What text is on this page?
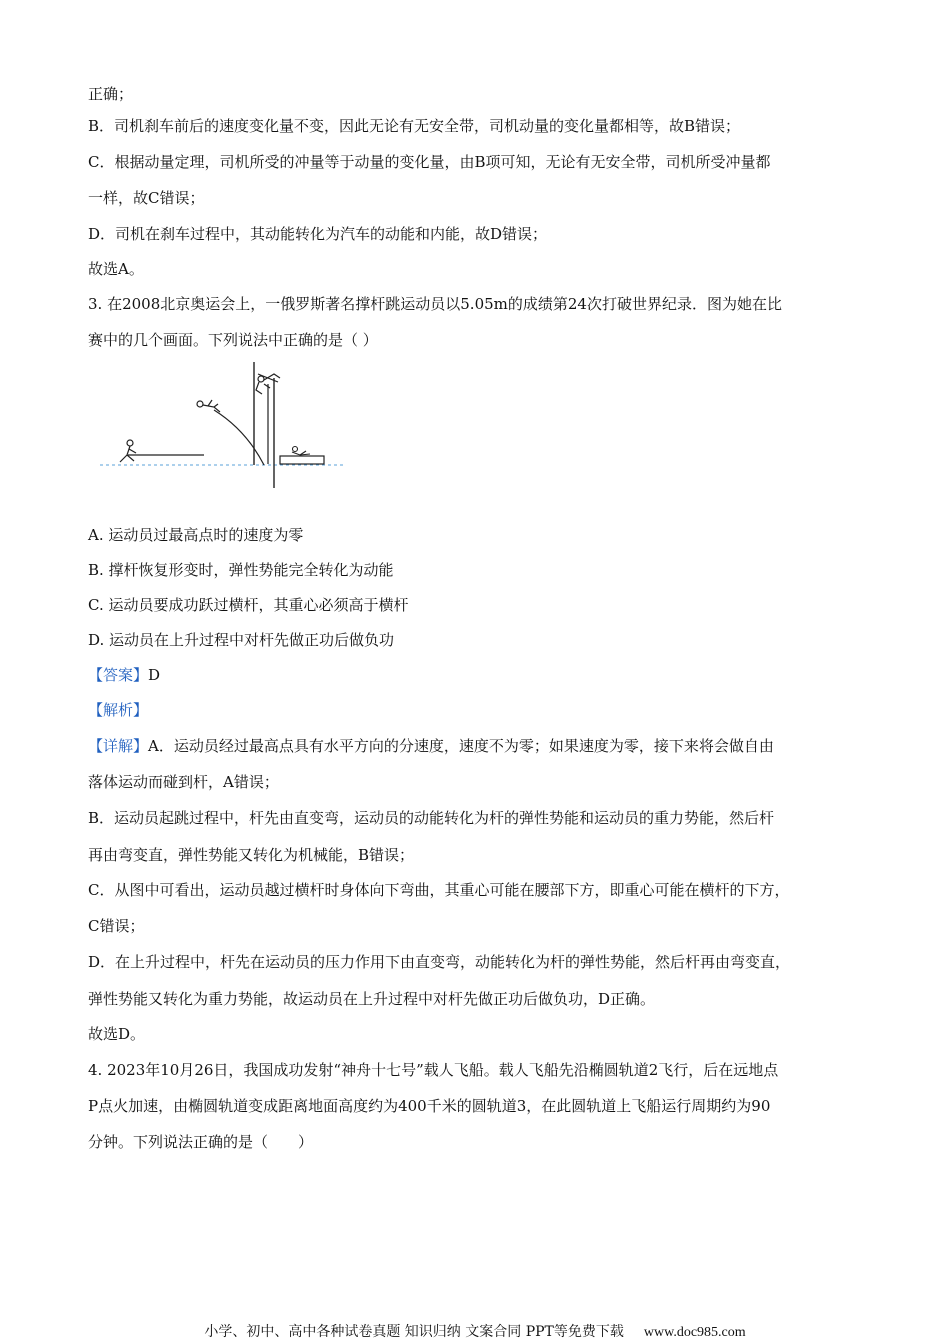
正确；
B．司机刹车前后的速度变化量不变，因此无论有无安全带，司机动量的变化量都相等，故B错误；
C．根据动量定理，司机所受的冲量等于动量的变化量，由B项可知，无论有无安全带，司机所受冲量都
一样，故C错误；
D．司机在刹车过程中，其动能转化为汽车的动能和内能，故D错误；
故选A。
3. 在2008北京奥运会上，一俄罗斯著名撑杆跳运动员以5.05m的成绩第24次打破世界纪录．图为她在比
赛中的几个画面。下列说法中正确的是（ ）
A. 运动员过最高点时的速度为零
B. 撑杆恢复形变时，弹性势能完全转化为动能
C. 运动员要成功跃过横杆，其重心必须高于横杆
D. 运动员在上升过程中对杆先做正功后做负功
【答案】D
【解析】
【详解】A．运动员经过最高点具有水平方向的分速度，速度不为零；如果速度为零，接下来将会做自由
落体运动而碰到杆，A错误；
B．运动员起跳过程中，杆先由直变弯，运动员的动能转化为杆的弹性势能和运动员的重力势能，然后杆
再由弯变直，弹性势能又转化为机械能，B错误；
C．从图中可看出，运动员越过横杆时身体向下弯曲，其重心可能在腰部下方，即重心可能在横杆的下方，
C错误；
D．在上升过程中，杆先在运动员的压力作用下由直变弯，动能转化为杆的弹性势能，然后杆再由弯变直，
弹性势能又转化为重力势能，故运动员在上升过程中对杆先做正功后做负功，D正确。
故选D。
4. 2023年10月26日，我国成功发射“神舟十七号”载人飞船。载人飞船先沿椭圆轨道2飞行，后在远地点
P点火加速，由椭圆轨道变成距离地面高度约为400千米的圆轨道3，在此圆轨道上飞船运行周期约为90
分钟。下列说法正确的是（　　）
小学、初中、高中各种试卷真题 知识归纳 文案合同 PPT等免费下载 www.doc985.com
